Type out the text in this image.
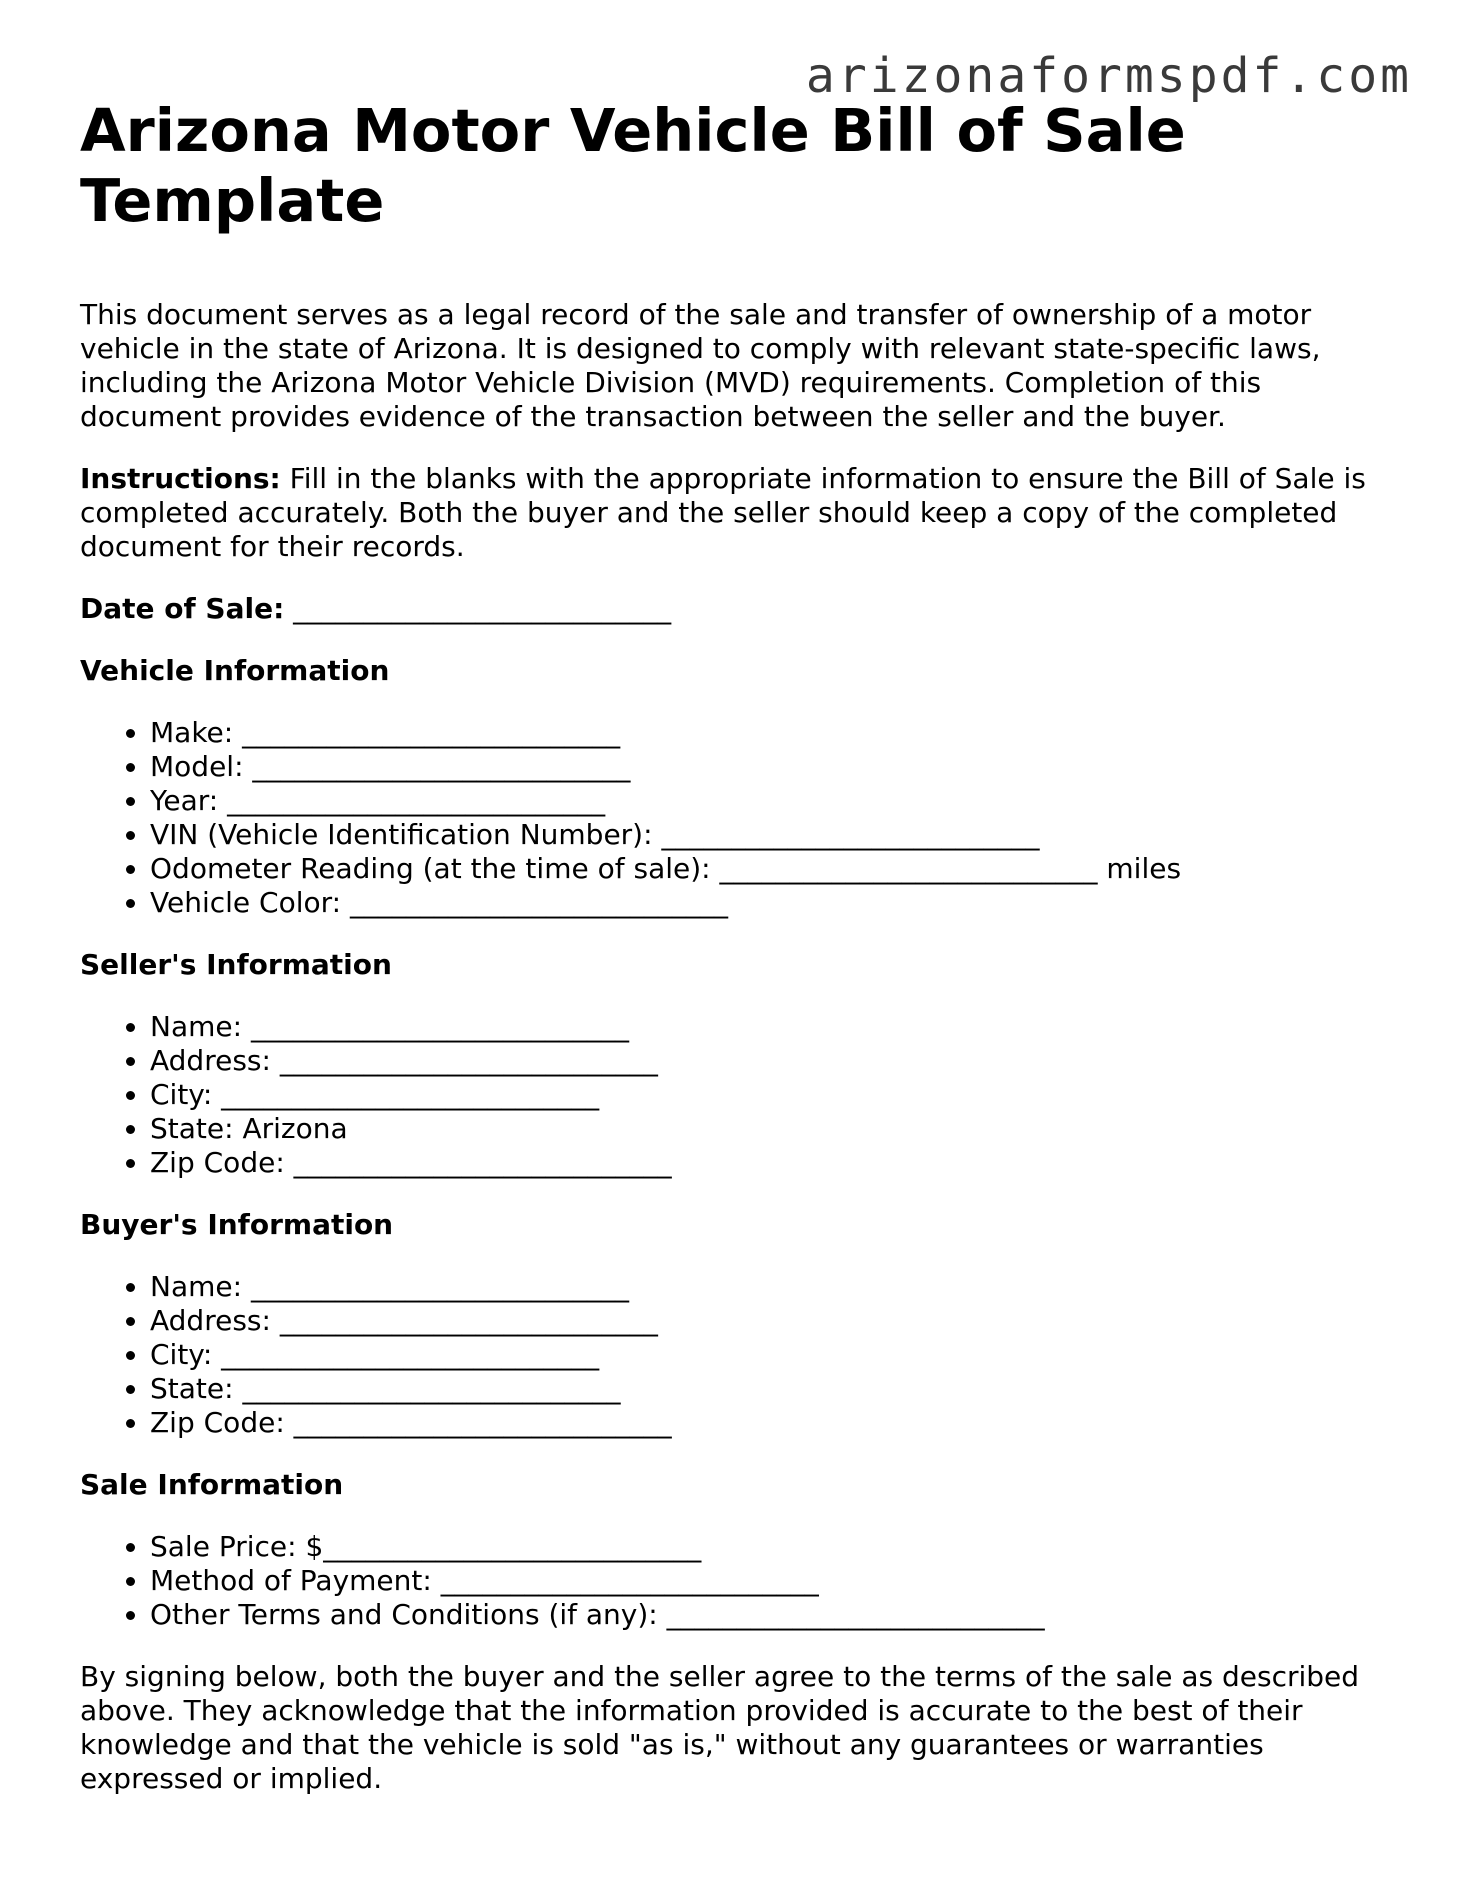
arizonaformspdf.com
Arizona Motor Vehicle Bill of Sale Template

This document serves as a legal record of the sale and transfer of ownership of a motor vehicle in the state of Arizona. It is designed to comply with relevant state-specific laws, including the Arizona Motor Vehicle Division (MVD) requirements. Completion of this document provides evidence of the transaction between the seller and the buyer.

Instructions: Fill in the blanks with the appropriate information to ensure the Bill of Sale is completed accurately. Both the buyer and the seller should keep a copy of the completed document for their records.

Date of Sale: ___________________________
Vehicle Information
• Make: ___________________________
• Model: ___________________________
• Year: ___________________________
• VIN (Vehicle Identification Number): ___________________________
• Odometer Reading (at the time of sale): ___________________________ miles
• Vehicle Color: ___________________________
Seller's Information
• Name: ___________________________
• Address: ___________________________
• City: ___________________________
• State: Arizona
• Zip Code: ___________________________
Buyer's Information
• Name: ___________________________
• Address: ___________________________
• City: ___________________________
• State: ___________________________
• Zip Code: ___________________________
Sale Information
• Sale Price: $___________________________
• Method of Payment: ___________________________
• Other Terms and Conditions (if any): ___________________________

By signing below, both the buyer and the seller agree to the terms of the sale as described above. They acknowledge that the information provided is accurate to the best of their knowledge and that the vehicle is sold "as is," without any guarantees or warranties expressed or implied.
